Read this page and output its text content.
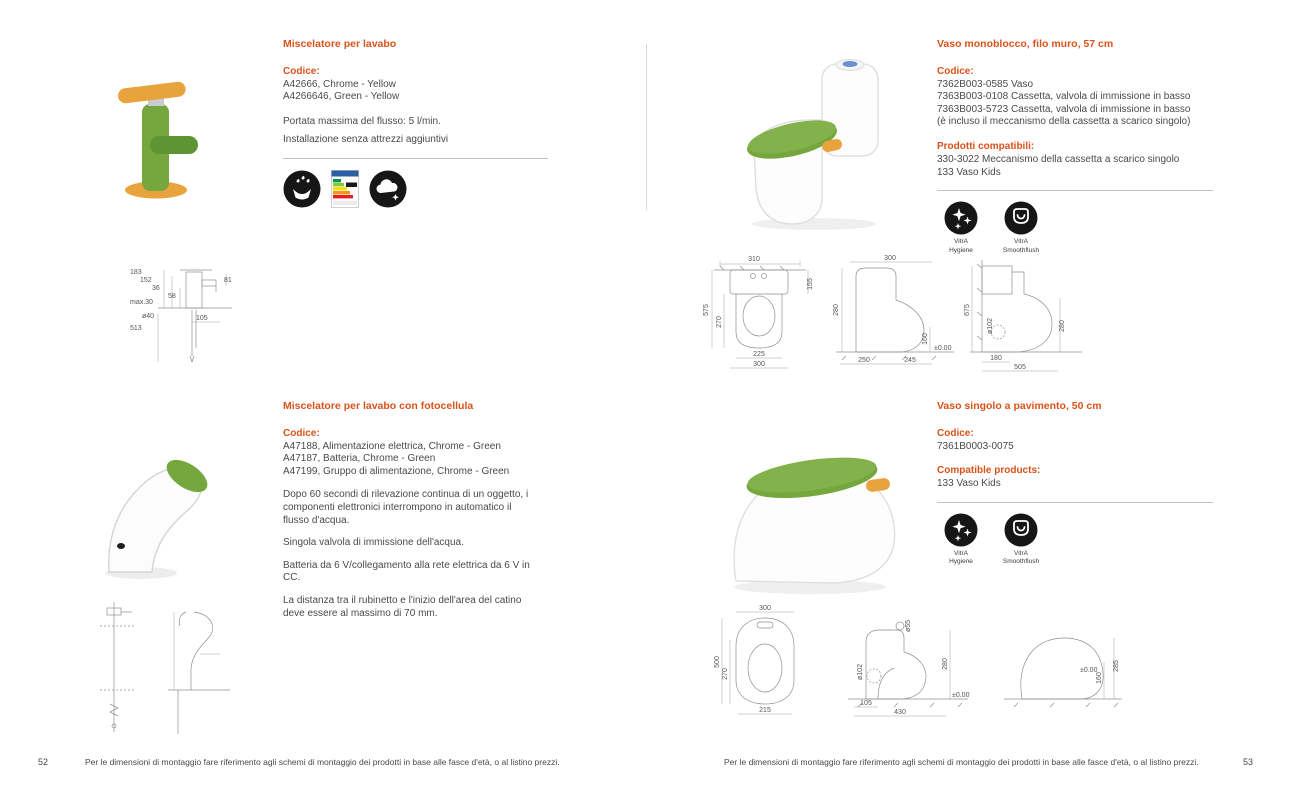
Miscelatore per lavabo
Codice:
A42666, Chrome - Yellow
A4266646, Green - Yellow
Portata massima del flusso: 5 l/min.
Installazione senza attrezzi aggiuntivi
183
152
36
58
81
max.30
ø40	105
513
Miscelatore per lavabo con fotocellula
Codice:
A47188, Alimentazione elettrica, Chrome - Green
A47187, Batteria, Chrome - Green
A47199, Gruppo di alimentazione, Chrome - Green
Dopo 60 secondi di rilevazione continua di un oggetto, i componenti elettronici interrompono in automatico il flusso d'acqua.
Singola valvola di immissione dell'acqua.
Batteria da 6 V/collegamento alla rete elettrica da 6 V in CC.
La distanza tra il rubinetto e l'inizio dell'area del catino deve essere al massimo di 70 mm.
52	Per le dimensioni di montaggio fare riferimento agli schemi di montaggio dei prodotti in base alle fasce d'età, o al listino prezzi.
Vaso monoblocco, filo muro, 57 cm
Codice:
7362B003-0585 Vaso
7363B003-0108 Cassetta, valvola di immissione in basso
7363B003-5723 Cassetta, valvola di immissione in basso
(è incluso il meccanismo della cassetta a scarico singolo)
Prodotti compatibili:
330-3022 Meccanismo della cassetta a scarico singolo
133 Vaso Kids
VitrA
Hygiene
VitrA
Smoothflush
310
155
575
270
225
300
300
280
160
250	245
±0.00
675
ø102	280
180
505
Vaso singolo a pavimento, 50 cm
Codice:
7361B0003-0075
Compatible products:
133 Vaso Kids
VitrA
Hygiene
VitrA
Smoothflush
300
500
270
215
ø55
ø102
105
430
280
±0.00
285
160
±0.00
Per le dimensioni di montaggio fare riferimento agli schemi di montaggio dei prodotti in base alle fasce d'età, o al listino prezzi.	53
